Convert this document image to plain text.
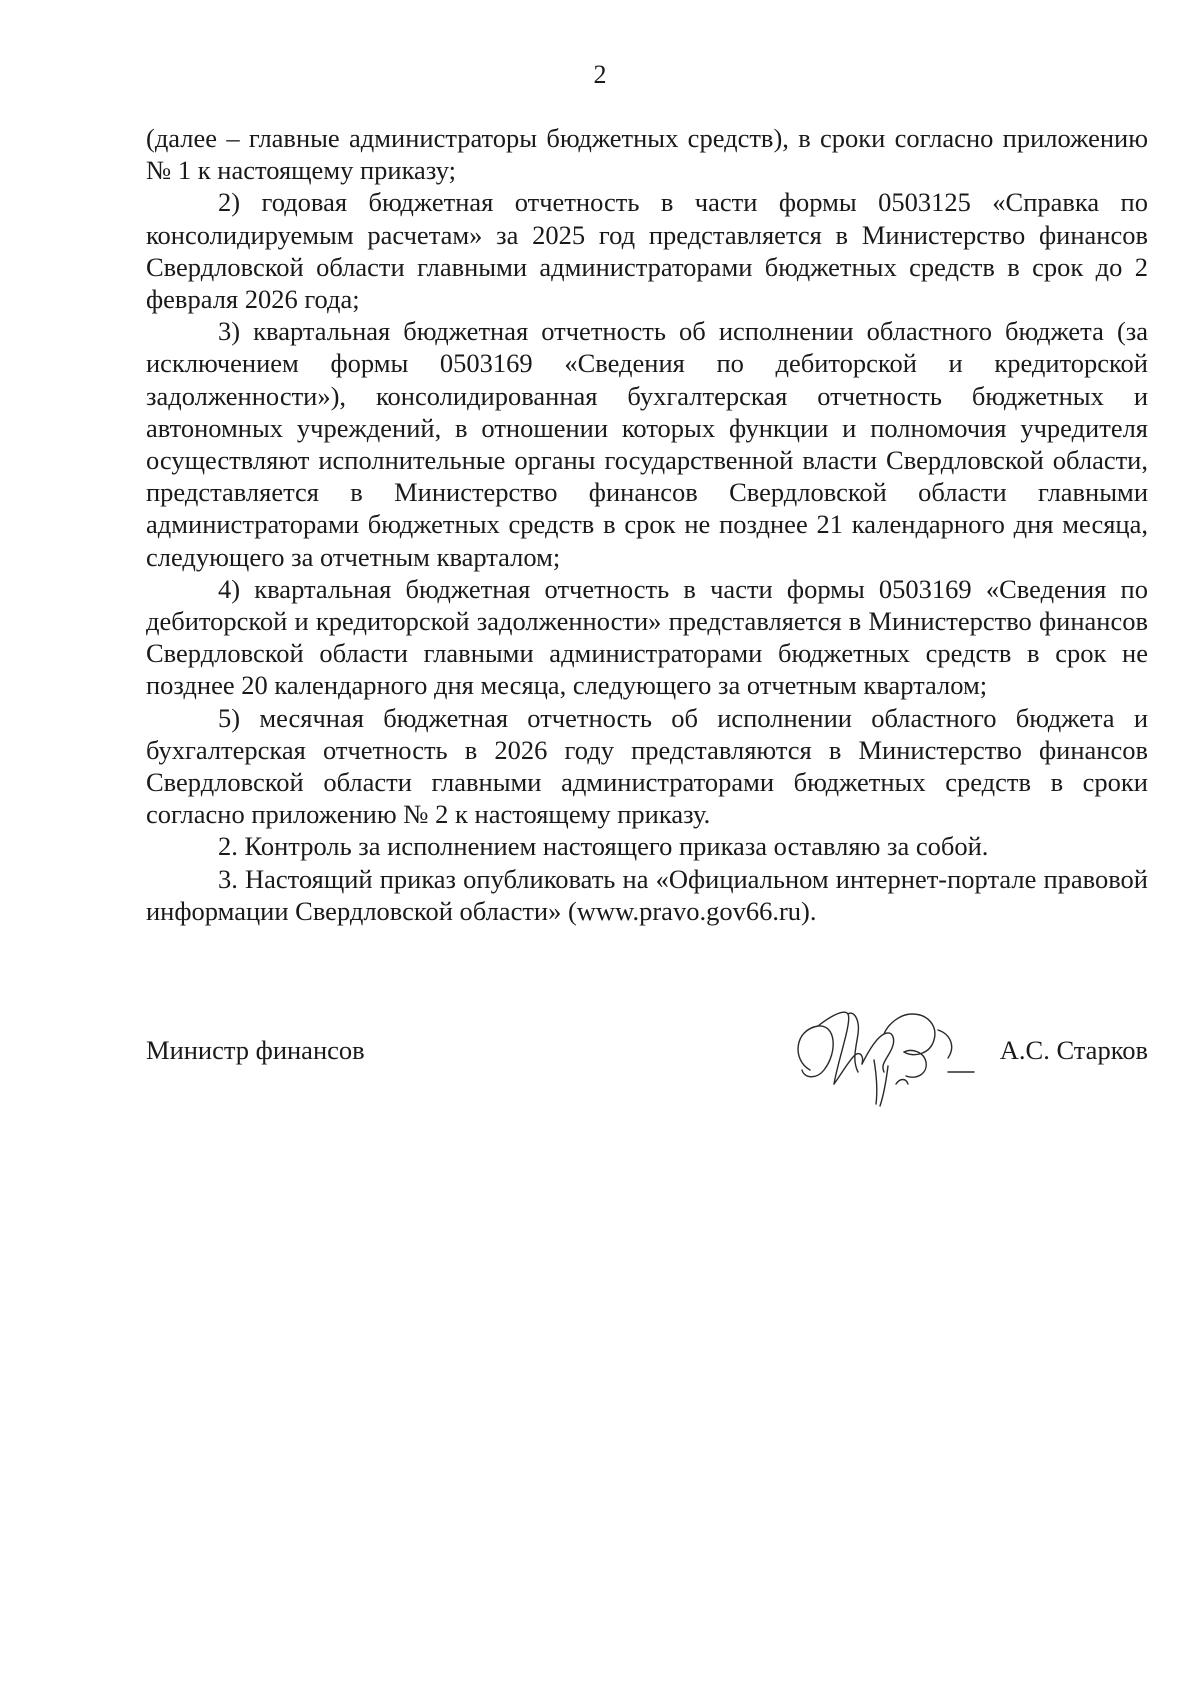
2

(далее – главные администраторы бюджетных средств), в сроки согласно приложению № 1 к настоящему приказу;

2) годовая бюджетная отчетность в части формы 0503125 «Справка по консолидируемым расчетам» за 2025 год представляется в Министерство финансов Свердловской области главными администраторами бюджетных средств в срок до 2 февраля 2026 года;

3) квартальная бюджетная отчетность об исполнении областного бюджета (за исключением формы 0503169 «Сведения по дебиторской и кредиторской задолженности»), консолидированная бухгалтерская отчетность бюджетных и автономных учреждений, в отношении которых функции и полномочия учредителя осуществляют исполнительные органы государственной власти Свердловской области, представляется в Министерство финансов Свердловской области главными администраторами бюджетных средств в срок не позднее 21 календарного дня месяца, следующего за отчетным кварталом;

4) квартальная бюджетная отчетность в части формы 0503169 «Сведения по дебиторской и кредиторской задолженности» представляется в Министерство финансов Свердловской области главными администраторами бюджетных средств в срок не позднее 20 календарного дня месяца, следующего за отчетным кварталом;

5) месячная бюджетная отчетность об исполнении областного бюджета и бухгалтерская отчетность в 2026 году представляются в Министерство финансов Свердловской области главными администраторами бюджетных средств в сроки согласно приложению № 2 к настоящему приказу.

2. Контроль за исполнением настоящего приказа оставляю за собой.

3. Настоящий приказ опубликовать на «Официальном интернет-портале правовой информации Свердловской области» (www.pravo.gov66.ru).

Министр финансов	А.С. Старков
